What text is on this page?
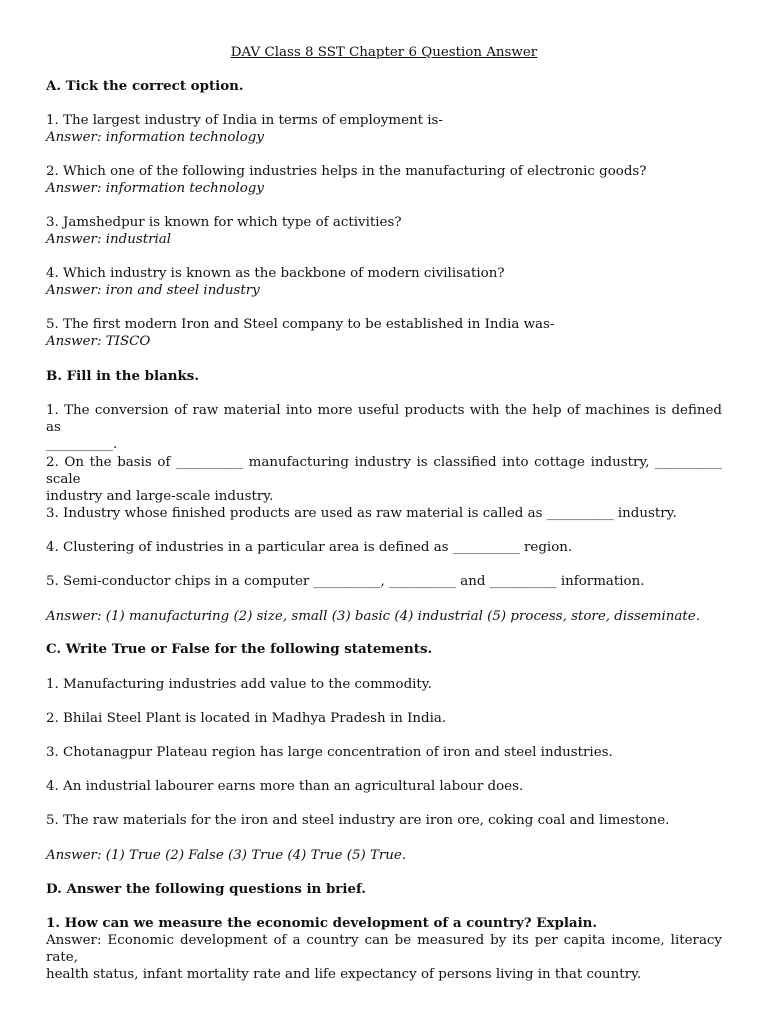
DAV Class 8 SST Chapter 6 Question Answer
A. Tick the correct option.

1. The largest industry of India in terms of employment is-

Answer: information technology

2. Which one of the following industries helps in the manufacturing of electronic goods?

Answer: information technology

3. Jamshedpur is known for which type of activities?

Answer: industrial

4. Which industry is known as the backbone of modern civilisation?

Answer: iron and steel industry

5. The first modern Iron and Steel company to be established in India was-

Answer: TISCO

B. Fill in the blanks.

1. The conversion of raw material into more useful products with the help of machines is defined as

__________.

2. On the basis of __________ manufacturing industry is classified into cottage industry, __________ scale

industry and large-scale industry.

3. Industry whose finished products are used as raw material is called as __________ industry.
4. Clustering of industries in a particular area is defined as __________ region.
5. Semi-conductor chips in a computer __________, __________ and __________ information.
Answer: (1) manufacturing (2) size, small (3) basic (4) industrial (5) process, store, disseminate.
C. Write True or False for the following statements.
1. Manufacturing industries add value to the commodity.
2. Bhilai Steel Plant is located in Madhya Pradesh in India.
3. Chotanagpur Plateau region has large concentration of iron and steel industries.
4. An industrial labourer earns more than an agricultural labour does.
5. The raw materials for the iron and steel industry are iron ore, coking coal and limestone.
Answer: (1) True (2) False (3) True (4) True (5) True.
D. Answer the following questions in brief.

1. How can we measure the economic development of a country? Explain.

Answer: Economic development of a country can be measured by its per capita income, literacy rate,

health status, infant mortality rate and life expectancy of persons living in that country.
